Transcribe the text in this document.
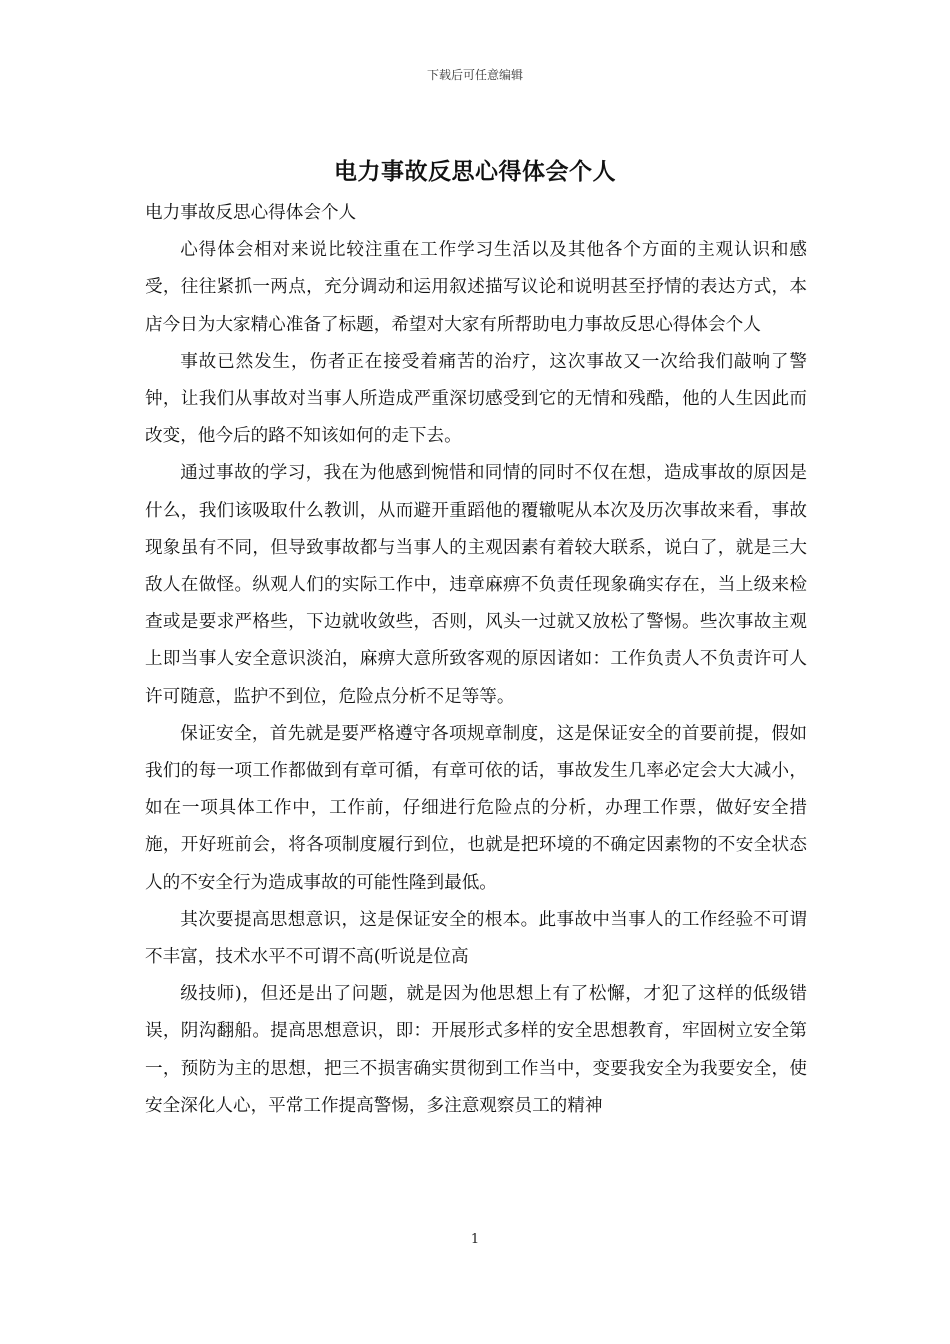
下载后可任意编辑
电力事故反思心得体会个人

电力事故反思心得体会个人

心得体会相对来说比较注重在工作学习生活以及其他各个方面的主观认识和感受，往往紧抓一两点，充分调动和运用叙述描写议论和说明甚至抒情的表达方式，本店今日为大家精心准备了标题，希望对大家有所帮助电力事故反思心得体会个人

事故已然发生，伤者正在接受着痛苦的治疗，这次事故又一次给我们敲响了警钟，让我们从事故对当事人所造成严重深切感受到它的无情和残酷，他的人生因此而改变，他今后的路不知该如何的走下去。

通过事故的学习，我在为他感到惋惜和同情的同时不仅在想，造成事故的原因是什么，我们该吸取什么教训，从而避开重蹈他的覆辙呢从本次及历次事故来看，事故现象虽有不同，但导致事故都与当事人的主观因素有着较大联系，说白了，就是三大敌人在做怪。纵观人们的实际工作中，违章麻痹不负责任现象确实存在，当上级来检查或是要求严格些，下边就收敛些，否则，风头一过就又放松了警惕。些次事故主观上即当事人安全意识淡泊，麻痹大意所致客观的原因诸如：工作负责人不负责许可人许可随意，监护不到位，危险点分析不足等等。

保证安全，首先就是要严格遵守各项规章制度，这是保证安全的首要前提，假如我们的每一项工作都做到有章可循，有章可依的话，事故发生几率必定会大大减小，如在一项具体工作中，工作前，仔细进行危险点的分析，办理工作票，做好安全措施，开好班前会，将各项制度履行到位，也就是把环境的不确定因素物的不安全状态人的不安全行为造成事故的可能性隆到最低。

其次要提高思想意识，这是保证安全的根本。此事故中当事人的工作经验不可谓不丰富，技术水平不可谓不高(听说是位高

级技师)，但还是出了问题，就是因为他思想上有了松懈，才犯了这样的低级错误，阴沟翻船。提高思想意识，即：开展形式多样的安全思想教育，牢固树立安全第一，预防为主的思想，把三不损害确实贯彻到工作当中，变要我安全为我要安全，使安全深化人心，平常工作提高警惕，多注意观察员工的精神

1
